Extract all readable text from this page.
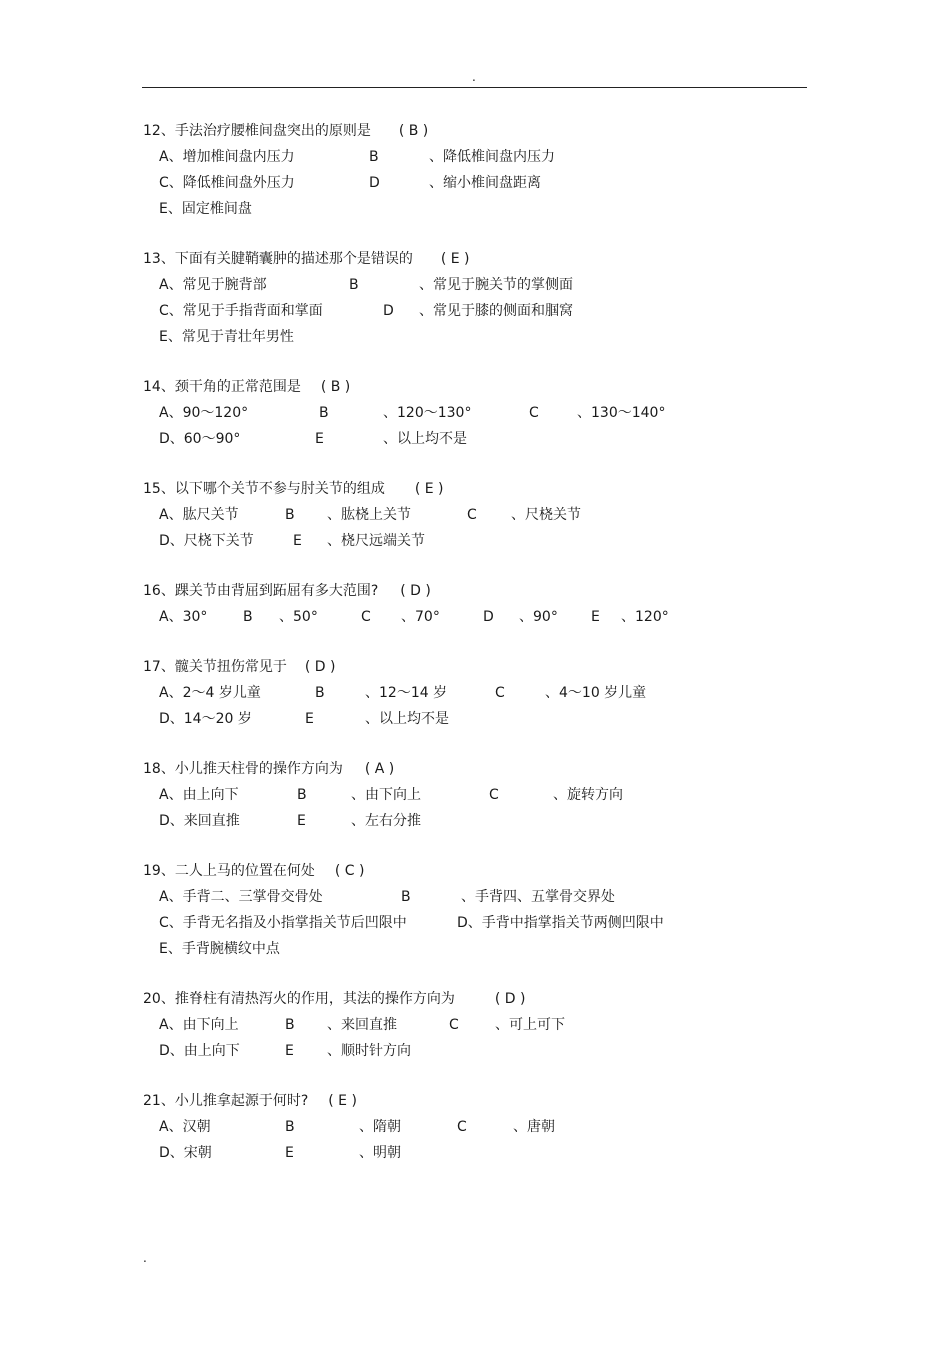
.
12、手法治疗腰椎间盘突出的原则是 ( B )
A、增加椎间盘内压力	B	、降低椎间盘内压力
C、降低椎间盘外压力	D	、缩小椎间盘距离
E、固定椎间盘
13、下面有关腱鞘囊肿的描述那个是错误的 ( E )
A、常见于腕背部	B	、常见于腕关节的掌侧面
C、常见于手指背面和掌面	D 、常见于膝的侧面和腘窝
E、常见于青壮年男性
14、颈干角的正常范围是 ( B )
A、90～120°	B	、120～130°	C	、130～140°
D、60～90°	E	、以上均不是
15、以下哪个关节不参与肘关节的组成 ( E )
A、肱尺关节	B 、肱桡上关节	C 、尺桡关节
D、尺桡下关节	E 、桡尺远端关节
16、踝关节由背屈到跖屈有多大范围? ( D )
A、30°	B 、50°	C 、70°	D 、90° E 、120°
17、髋关节扭伤常见于 ( D )
A、2～4 岁儿童	B	、12～14 岁	C	、4～10 岁儿童
D、14～20 岁	E	、以上均不是
18、小儿推天柱骨的操作方向为 ( A )
A、由上向下	B	、由下向上	C	、旋转方向
D、来回直推	E	、左右分推
19、二人上马的位置在何处 ( C )
A、手背二、三掌骨交骨处	B	、手背四、五掌骨交界处
C、手背无名指及小指掌指关节后凹限中	D、手背中指掌指关节两侧凹限中
E、手背腕横纹中点
20、推脊柱有清热泻火的作用，其法的操作方向为	( D )
A、由下向上	B 、来回直推	C	、可上可下
D、由上向下	E 、顺时针方向
21、小儿推拿起源于何时? ( E )
A、汉朝	B	、隋朝	C	、唐朝
D、宋朝	E	、明朝
.
